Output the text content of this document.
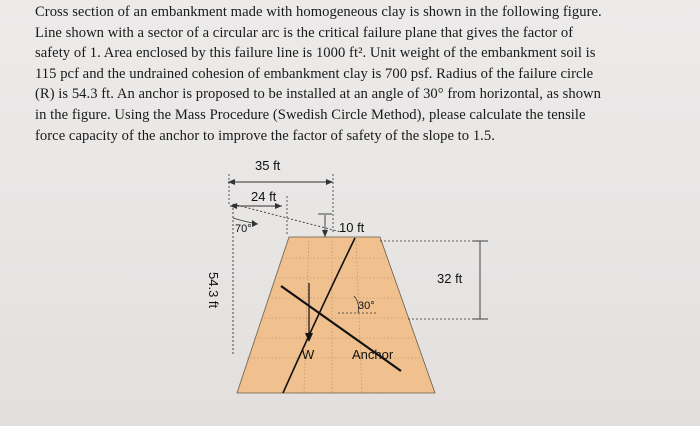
Cross section of an embankment made with homogeneous clay is shown in the following figure.
Line shown with a sector of a circular arc is the critical failure plane that gives the factor of
safety of 1. Area enclosed by this failure line is 1000 ft². Unit weight of the embankment soil is
115 pcf and the undrained cohesion of embankment clay is 700 psf. Radius of the failure circle
(R) is 54.3 ft. An anchor is proposed to be installed at an angle of 30° from horizontal, as shown
in the figure. Using the Mass Procedure (Swedish Circle Method), please calculate the tensile
force capacity of the anchor to improve the factor of safety of the slope to 1.5.
35 ft
24 ft
70°	10 ft
32 ft
54.3 ft	30°
W	Anchor
